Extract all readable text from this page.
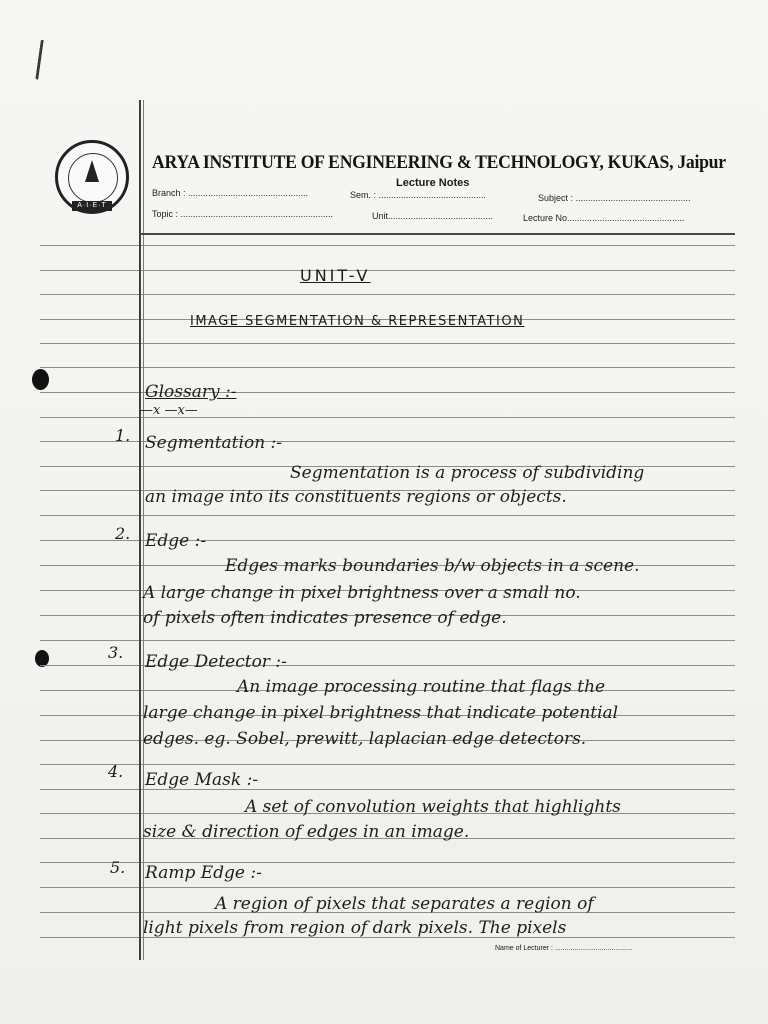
A·I·E·T
ARYA INSTITUTE OF ENGINEERING & TECHNOLOGY, KUKAS, Jaipur
Lecture Notes
Branch : ................................................	Sem. : ...........................................	Subject : ..............................................
Topic : .............................................................	Unit..........................................	Lecture No...............................................
UNIT-V
IMAGE SEGMENTATION & REPRESENTATION
Glossary :-
—x —x—
1. Segmentation :-
Segmentation is a process of subdividing
an image into its constituents regions or objects.
2. Edge :-
Edges marks boundaries b/w objects in a scene.
A large change in pixel brightness over a small no.
of pixels often indicates presence of edge.
3. Edge Detector :-
An image processing routine that flags the
large change in pixel brightness that indicate potential
edges. eg. Sobel, prewitt, laplacian edge detectors.
4. Edge Mask :-
A set of convolution weights that highlights
size & direction of edges in an image.
5. Ramp Edge :-
A region of pixels that separates a region of
light pixels from region of dark pixels. The pixels
Name of Lecturer : ........................................
